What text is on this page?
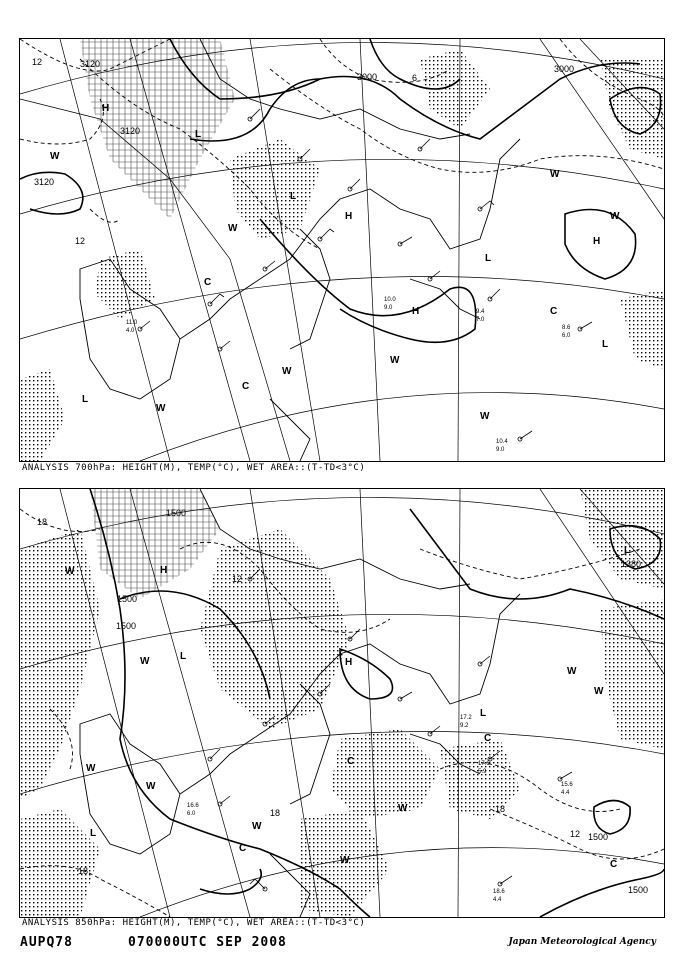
3120
3120
3120
3000
3000
12
6
12
H
L
W
C
H
W
L
H
W
C
W
L
W
W
W
H
W
L
C
L
10.4
9.0
8.6
6.0
11.0
4.0
10.0
9.0
9.4
7.0
ANALYSIS 700hPa: HEIGHT(M), TEMP(°C), WET AREA::(T-TD<3°C)
1500
1500
1500
1380
1500
1500
18
12
18	18
18
12
H
W
L
W
W
C
L
W
C
W
W
H
W
L
C
W
W
L
C
15.6
4.4
18.6
4.4
16.6
6.0
17.6
5.9
17.2
9.2
ANALYSIS 850hPa: HEIGHT(M), TEMP(°C), WET AREA::(T-TD<3°C)
AUPQ78	070000UTC SEP 2008	Japan Meteorological Agency
